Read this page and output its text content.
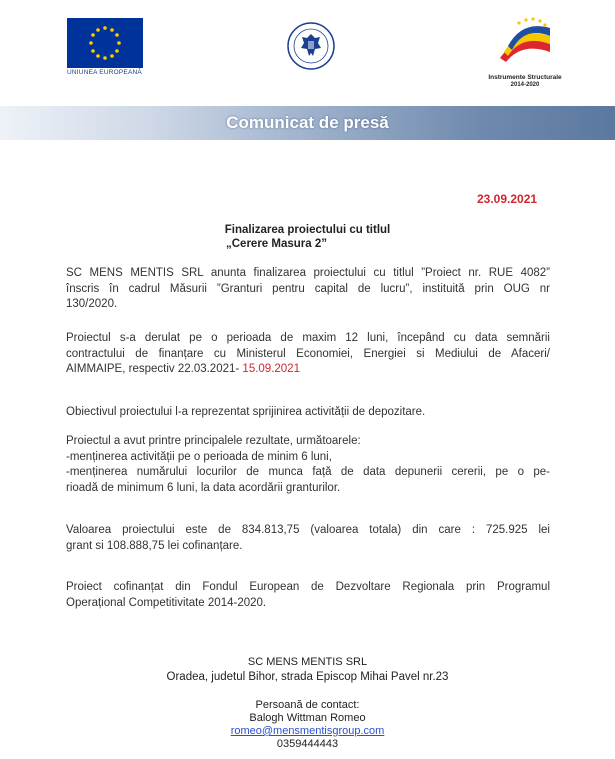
UNIUNEA EUROPEANĂ
Instrumente Structurale
2014-2020
Comunicat de presă
23.09.2021
Finalizarea proiectului cu titlul
„Cerere Masura 2”
SC MENS MENTIS SRL anunta finalizarea proiectului cu titlul ”Proiect nr. RUE 4082”
înscris în cadrul Măsurii ”Granturi pentru capital de lucru”, instituită prin OUG nr
130/2020.
Proiectul s-a derulat pe o perioada de maxim 12 luni, începând cu data semnării
contractului de finanțare cu Ministerul Economiei, Energiei si Mediului de Afaceri/
AIMMAIPE, respectiv 22.03.2021- 15.09.2021
Obiectivul proiectului l-a reprezentat sprijinirea activității de depozitare.
Proiectul a avut printre principalele rezultate, următoarele:
-menținerea activității pe o perioada de minim 6 luni,
-menținerea numărului locurilor de munca față de data depunerii cererii, pe o pe-
rioadă de minimum 6 luni, la data acordării granturilor.
Valoarea proiectului este de 834.813,75 (valoarea totala) din care : 725.925 lei
grant si 108.888,75 lei cofinanțare.
Proiect cofinanțat din Fondul European de Dezvoltare Regionala prin Programul
Operațional Competitivitate 2014-2020.
SC MENS MENTIS SRL
Oradea, judetul Bihor, strada Episcop Mihai Pavel nr.23
Persoană de contact:
Balogh Wittman Romeo
romeo@mensmentisgroup.com
0359444443
